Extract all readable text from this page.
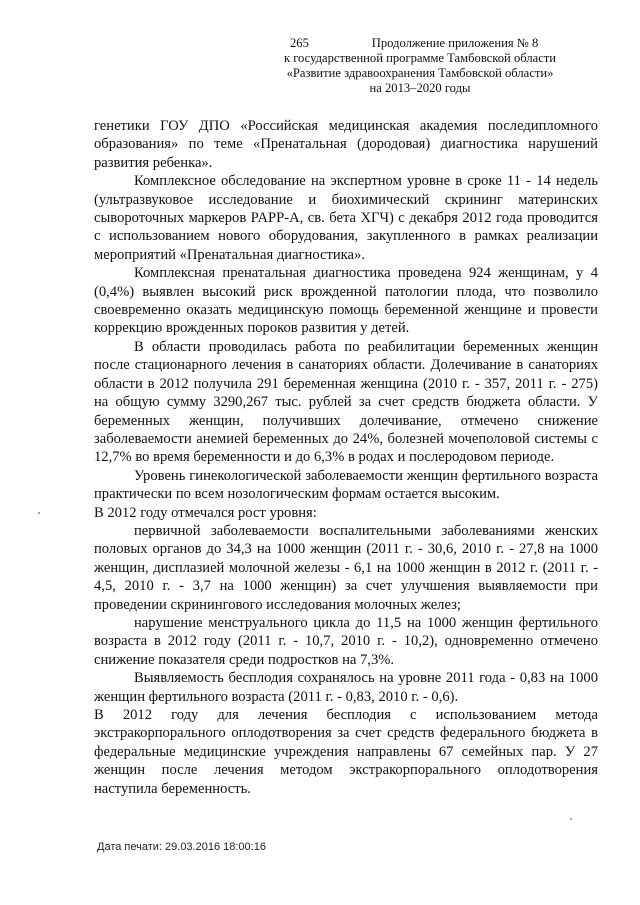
265	Продолжение приложения № 8
к государственной программе Тамбовской области
«Развитие здравоохранения Тамбовской области»
на 2013–2020 годы

генетики ГОУ ДПО «Российская медицинская академия последипломного образования» по теме «Пренатальная (дородовая) диагностика нарушений развития ребенка».

Комплексное обследование на экспертном уровне в сроке 11 - 14 недель (ультразвуковое исследование и биохимический скрининг материнских сывороточных маркеров PAPP-A, св. бета ХГЧ) с декабря 2012 года проводится с использованием нового оборудования, закупленного в рамках реализации мероприятий «Пренатальная диагностика».

Комплексная пренатальная диагностика проведена 924 женщинам, у 4 (0,4%) выявлен высокий риск врожденной патологии плода, что позволило своевременно оказать медицинскую помощь беременной женщине и провести коррекцию врожденных пороков развития у детей.

В области проводилась работа по реабилитации беременных женщин после стационарного лечения в санаториях области. Долечивание в санаториях области в 2012 получила 291 беременная женщина (2010 г. - 357, 2011 г. - 275) на общую сумму 3290,267 тыс. рублей за счет средств бюджета области. У беременных женщин, получивших долечивание, отмечено снижение заболеваемости анемией беременных до 24%, болезней мочеполовой системы с 12,7% во время беременности и до 6,3% в родах и послеродовом периоде.

Уровень гинекологической заболеваемости женщин фертильного возраста практически по всем нозологическим формам остается высоким.

В 2012 году отмечался рост уровня:

первичной заболеваемости воспалительными заболеваниями женских половых органов до 34,3 на 1000 женщин (2011 г. - 30,6, 2010 г. - 27,8 на 1000 женщин, дисплазией молочной железы - 6,1 на 1000 женщин в 2012 г. (2011 г. - 4,5, 2010 г. - 3,7 на 1000 женщин) за счет улучшения выявляемости при проведении скринингового исследования молочных желез;

нарушение менструального цикла до 11,5 на 1000 женщин фертильного возраста в 2012 году (2011 г. - 10,7, 2010 г. - 10,2), одновременно отмечено снижение показателя среди подростков на 7,3%.

Выявляемость бесплодия сохранялось на уровне 2011 года - 0,83 на 1000 женщин фертильного возраста (2011 г. - 0,83, 2010 г. - 0,6).

В 2012 году для лечения бесплодия с использованием метода экстракорпорального оплодотворения за счет средств федерального бюджета в федеральные медицинские учреждения направлены 67 семейных пар. У 27 женщин после лечения методом экстракорпорального оплодотворения наступила беременность.

Дата печати: 29.03.2016 18:00:16
